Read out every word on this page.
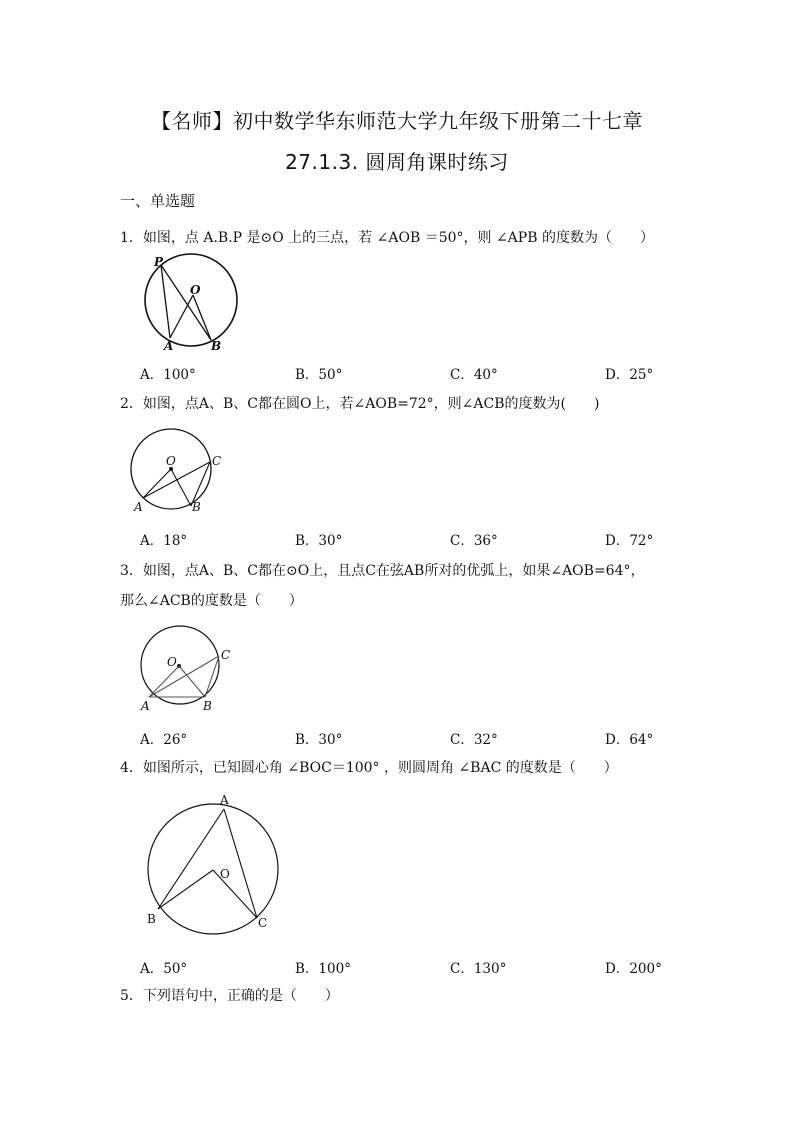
【名师】初中数学华东师范大学九年级下册第二十七章
27.1.3. 圆周角课时练习
一、单选题
1．如图，点 A.B.P 是⊙O 上的三点，若 ∠AOB ＝50°，则 ∠APB 的度数为（　　）
P
O
A	B
A．100°	B．50°	C．40°	D．25°
2．如图，点A、B、C都在圆O上，若∠AOB=72°，则∠ACB的度数为(　　)
O	C
A	B
A．18°	B．30°	C．36°	D．72°
3．如图，点A、B、C都在⊙O上，且点C在弦AB所对的优弧上，如果∠AOB=64°，
那么∠ACB的度数是（　　）
O	C
A	B
A．26°	B．30°	C．32°	D．64°
4．如图所示，已知圆心角 ∠BOC＝100° ，则圆周角 ∠BAC 的度数是（　　）
A
O
B	C
A．50°	B．100°	C．130°	D．200°
5．下列语句中，正确的是（　　）
